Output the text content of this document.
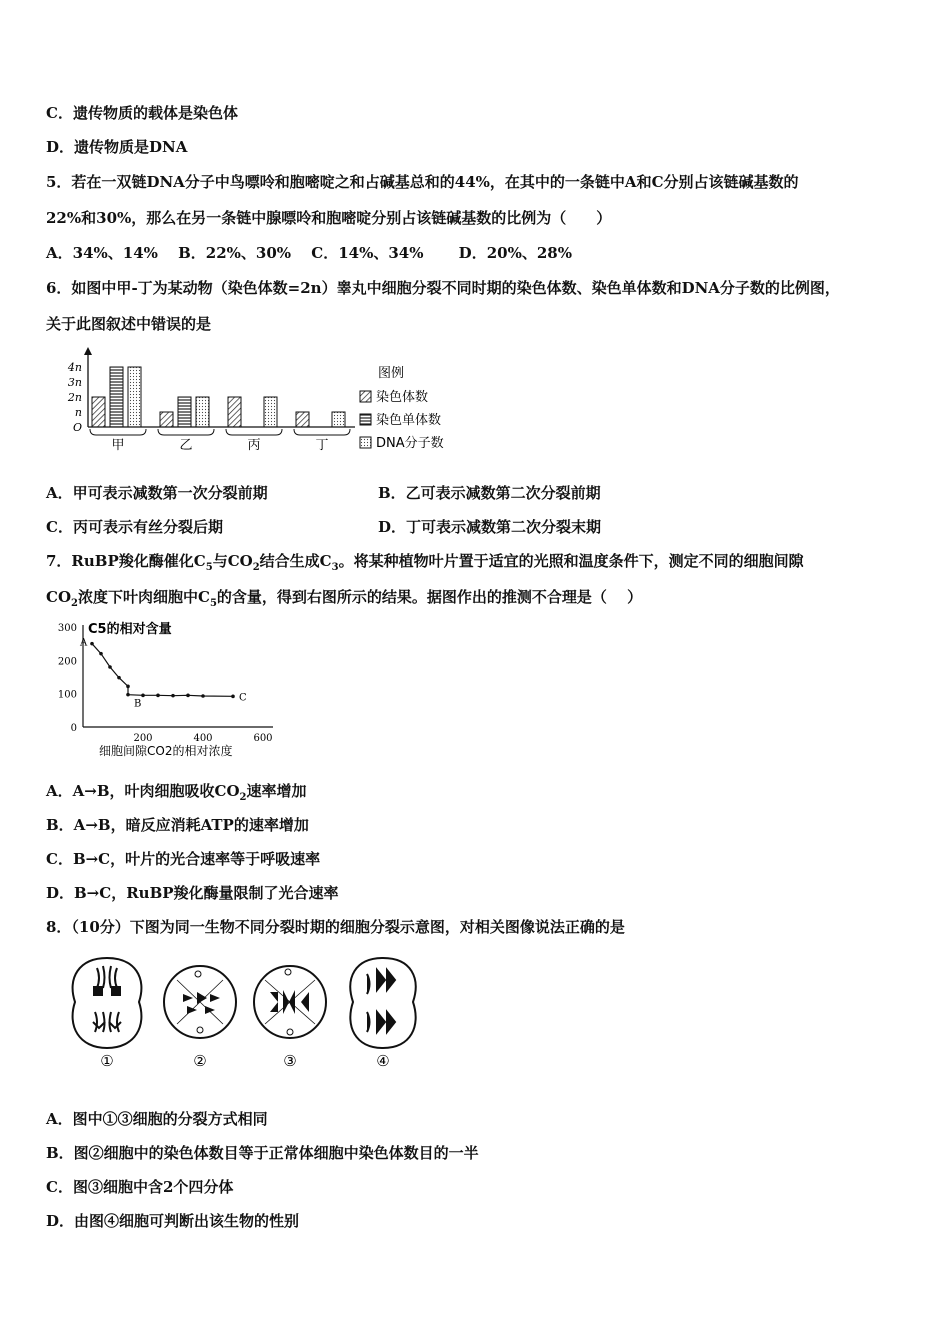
C．遗传物质的载体是染色体
D．遗传物质是DNA
5．若在一双链DNA分子中鸟嘌呤和胞嘧啶之和占碱基总和的44%，在其中的一条链中A和C分别占该链碱基数的
22%和30%，那么在另一条链中腺嘌呤和胞嘧啶分别占该链碱基数的比例为（　　）
A．34%、14%　 B．22%、30%　 C．14%、34%　　 D．20%、28%
6．如图中甲-丁为某动物（染色体数=2n）睾丸中细胞分裂不同时期的染色体数、染色单体数和DNA分子数的比例图，
关于此图叙述中错误的是
4n
3n
2n
n
O
甲	乙	丙	丁
图例
染色体数
染色单体数
DNA分子数
A．甲可表示减数第一次分裂前期	B．乙可表示减数第二次分裂前期
C．丙可表示有丝分裂后期	D．丁可表示减数第二次分裂末期
7．RuBP羧化酶催化$C_5$与$CO_2$结合生成$C_3$。将某种植物叶片置于适宜的光照和温度条件下，测定不同的细胞间隙
$CO_2$浓度下叶肉细胞中$C_5$的含量，得到右图所示的结果。据图作出的推测不合理是（　 ）
C5的相对含量
细胞间隙CO2的相对浓度
300
200
100
0
200	400	600
A
B
C
A．A→B，叶肉细胞吸收$CO_2$速率增加
B．A→B，暗反应消耗ATP的速率增加
C．B→C，叶片的光合速率等于呼吸速率
D．B→C，RuBP羧化酶量限制了光合速率
8．（10分）下图为同一生物不同分裂时期的细胞分裂示意图，对相关图像说法正确的是
①	②	③	④
A．图中①③细胞的分裂方式相同
B．图②细胞中的染色体数目等于正常体细胞中染色体数目的一半
C．图③细胞中含2个四分体
D．由图④细胞可判断出该生物的性别
